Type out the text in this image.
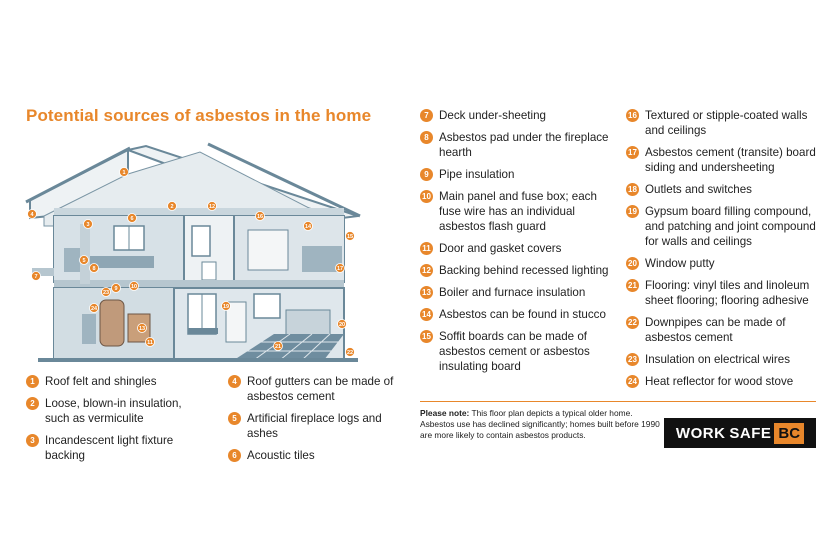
Potential sources of asbestos in the home
1
2
3
4
5
6
7
8
9 10
11
12
13
14
15
16
17
19
20
21
22
23
24
1 Roof felt and shingles
2 Loose, blown-in insulation, such as vermiculite
3 Incandescent light fixture backing
4 Roof gutters can be made of asbestos cement
5 Artificial fireplace logs and ashes
6 Acoustic tiles
7 Deck under-sheeting
8 Asbestos pad under the fireplace hearth
9 Pipe insulation
10 Main panel and fuse box; each fuse wire has an individual asbestos flash guard
11 Door and gasket covers
12 Backing behind recessed lighting
13 Boiler and furnace insulation
14 Asbestos can be found in stucco
15 Soffit boards can be made of asbestos cement or asbestos insulating board
16 Textured or stipple-coated walls and ceilings
17 Asbestos cement (transite) board siding and undersheeting
18 Outlets and switches
19 Gypsum board filling compound, and patching and joint compound for walls and ceilings
20 Window putty
21 Flooring: vinyl tiles and linoleum sheet flooring; flooring adhesive
22 Downpipes can be made of asbestos cement
23 Insulation on electrical wires
24 Heat reflector for wood stove
Please note: This floor plan depicts a typical older home. Asbestos use has declined significantly; homes built before 1990 are more likely to contain asbestos products.	WORK SAFE BC
